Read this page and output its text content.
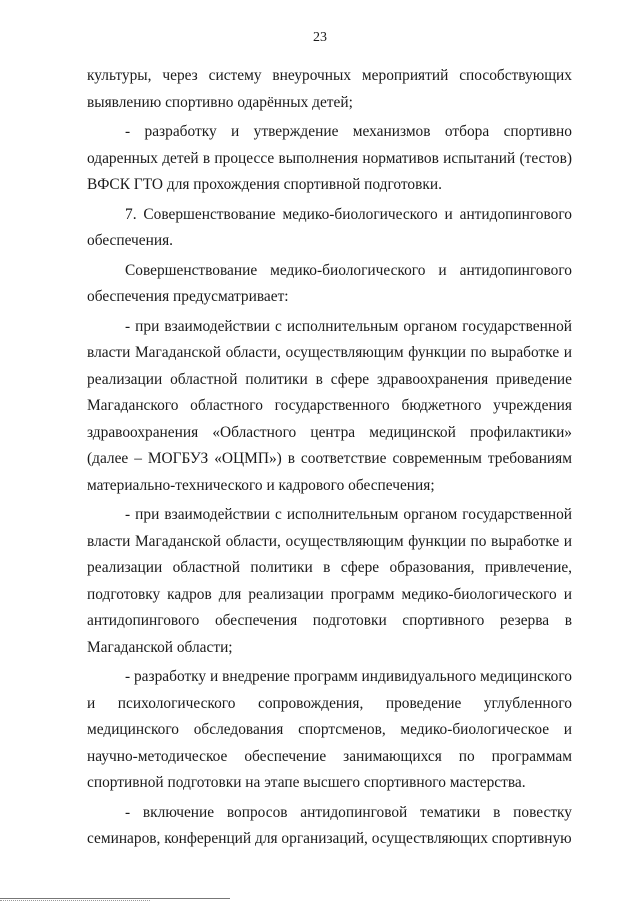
23

культуры, через систему внеурочных мероприятий способствующих выявлению спортивно одарённых детей;

- разработку и утверждение механизмов отбора спортивно одаренных детей в процессе выполнения нормативов испытаний (тестов) ВФСК ГТО для прохождения спортивной подготовки.

7. Совершенствование медико-биологического и антидопингового обеспечения.

Совершенствование медико-биологического и антидопингового обеспечения предусматривает:

- при взаимодействии с исполнительным органом государственной власти Магаданской области, осуществляющим функции по выработке и реализации областной политики в сфере здравоохранения приведение Магаданского областного государственного бюджетного учреждения здравоохранения «Областного центра медицинской профилактики» (далее – МОГБУЗ «ОЦМП») в соответствие современным требованиям материально-технического и кадрового обеспечения;

- при взаимодействии с исполнительным органом государственной власти Магаданской области, осуществляющим функции по выработке и реализации областной политики в сфере образования, привлечение, подготовку кадров для реализации программ медико-биологического и антидопингового обеспечения подготовки спортивного резерва в Магаданской области;

- разработку и внедрение программ индивидуального медицинского и психологического сопровождения, проведение углубленного медицинского обследования спортсменов, медико-биологическое и научно-методическое обеспечение занимающихся по программам спортивной подготовки на этапе высшего спортивного мастерства.

- включение вопросов антидопинговой тематики в повестку семинаров, конференций для организаций, осуществляющих спортивную
